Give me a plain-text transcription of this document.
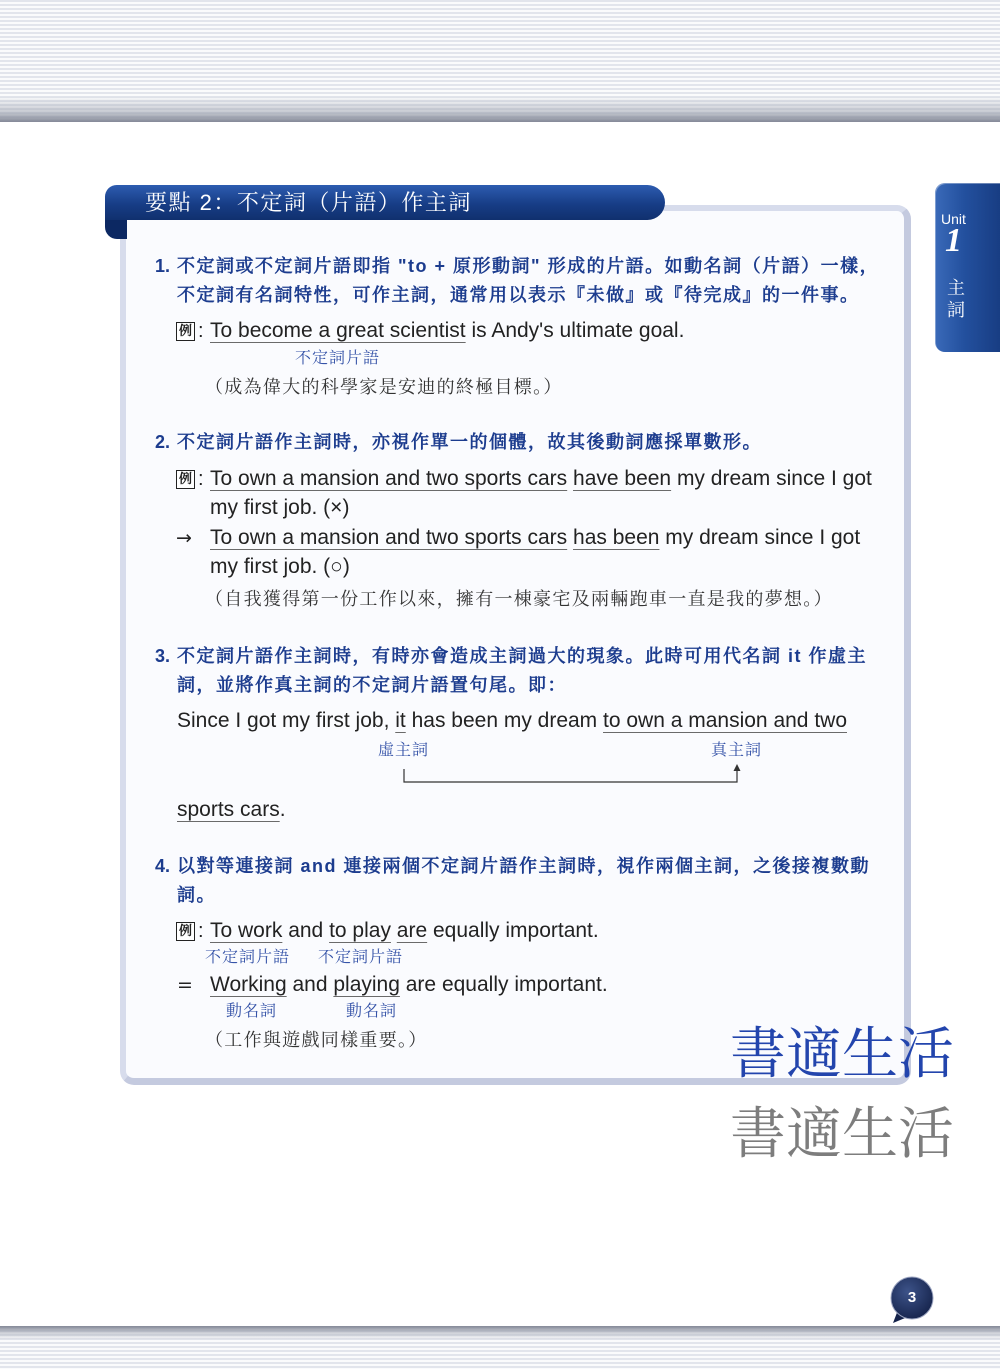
要點 2：不定詞（片語）作主詞
Unit
1
主
詞
1. 不定詞或不定詞片語即指 "to + 原形動詞" 形成的片語。如動名詞（片語）一樣，
不定詞有名詞特性，可作主詞，通常用以表示『未做』或『待完成』的一件事。
例 : To become a great scientist is Andy's ultimate goal.
不定詞片語
（成為偉大的科學家是安迪的終極目標。）
2. 不定詞片語作主詞時，亦視作單一的個體，故其後動詞應採單數形。
例 : To own a mansion and two sports cars have been my dream since I got
my first job. (×)
→ To own a mansion and two sports cars has been my dream since I got
my first job. (○)
（自我獲得第一份工作以來，擁有一棟豪宅及兩輛跑車一直是我的夢想。）
3. 不定詞片語作主詞時，有時亦會造成主詞過大的現象。此時可用代名詞 it 作虛主
詞，並將作真主詞的不定詞片語置句尾。即：
Since I got my first job, it has been my dream to own a mansion and two
虛主詞	真主詞
sports cars.
4. 以對等連接詞 and 連接兩個不定詞片語作主詞時，視作兩個主詞，之後接複數動
詞。
例 : To work and to play are equally important.
不定詞片語 不定詞片語
= Working and playing are equally important.
動名詞	動名詞
（工作與遊戲同樣重要。）	書適生活
書適生活
3
